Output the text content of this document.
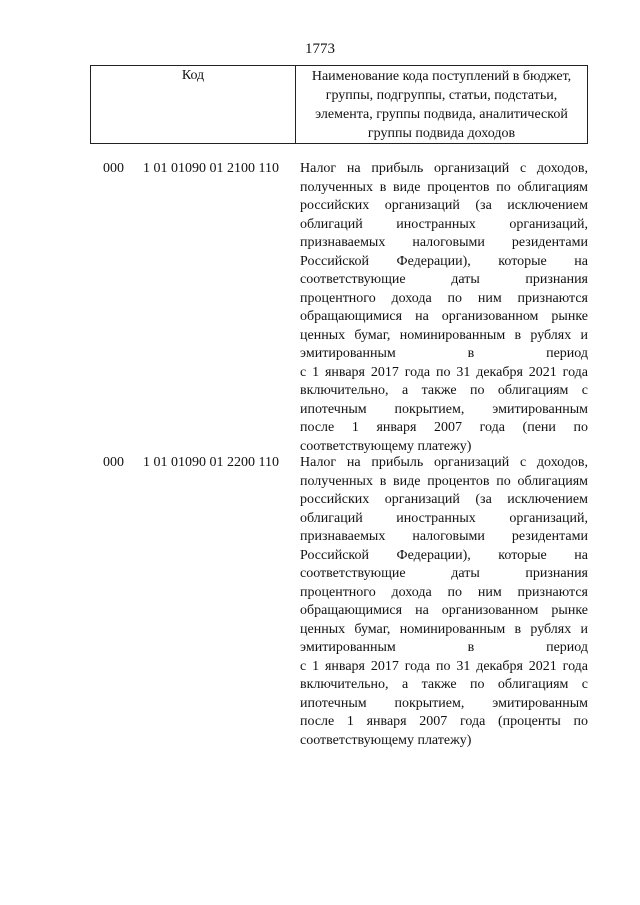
1773
Код	Наименование кода поступлений в бюджет,
группы, подгруппы, статьи, подстатьи,
элемента, группы подвида, аналитической
группы подвида доходов
000 1 01 01090 01 2100 110 Налог на прибыль организаций с доходов,
полученных в виде процентов по облигациям
российских организаций (за исключением
облигаций иностранных организаций,
признаваемых налоговыми резидентами
Российской Федерации), которые на
соответствующие даты признания
процентного дохода по ним признаются
обращающимися на организованном рынке
ценных бумаг, номинированным в рублях и
эмитированным в период
с 1 января 2017 года по 31 декабря 2021 года
включительно, а также по облигациям с
ипотечным покрытием, эмитированным
после 1 января 2007 года (пени по
соответствующему платежу)
000 1 01 01090 01 2200 110 Налог на прибыль организаций с доходов,
полученных в виде процентов по облигациям
российских организаций (за исключением
облигаций иностранных организаций,
признаваемых налоговыми резидентами
Российской Федерации), которые на
соответствующие даты признания
процентного дохода по ним признаются
обращающимися на организованном рынке
ценных бумаг, номинированным в рублях и
эмитированным в период
с 1 января 2017 года по 31 декабря 2021 года
включительно, а также по облигациям с
ипотечным покрытием, эмитированным
после 1 января 2007 года (проценты по
соответствующему платежу)
